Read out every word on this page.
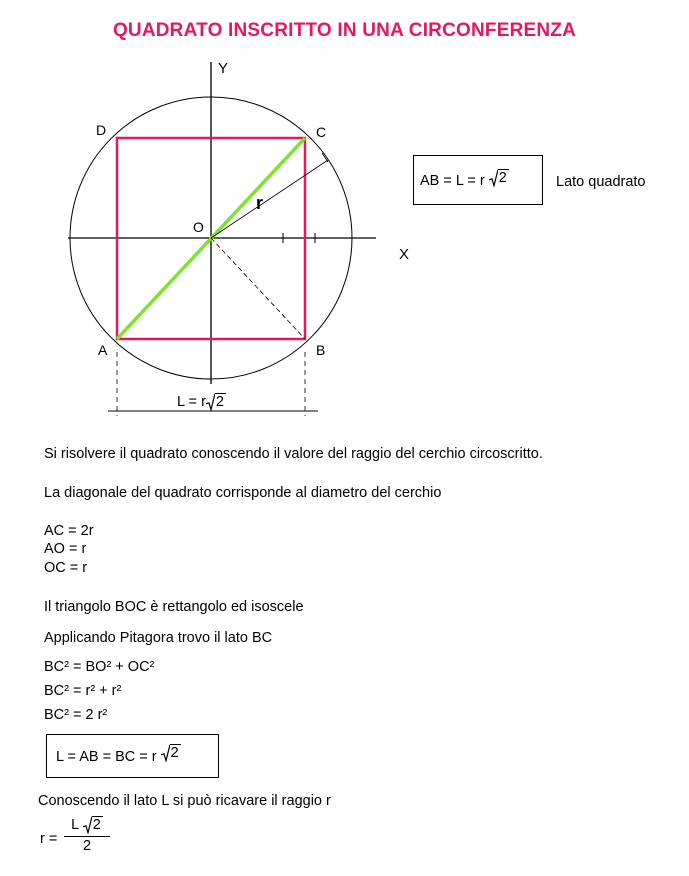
QUADRATO INSCRITTO IN UNA CIRCONFERENZA
Y
X
O
D	C
A	B
r
L = r 2
AB = L = r 2	Lato quadrato
Si risolvere il quadrato conoscendo il valore del raggio del cerchio circoscritto.
La diagonale del quadrato corrisponde al diametro del cerchio
AC = 2r
AO = r
OC = r
Il triangolo BOC è rettangolo ed isoscele
Applicando Pitagora trovo il lato BC
BC² = BO² + OC²
BC² = r² + r²
BC² = 2 r²
L = AB = BC = r 2
Conoscendo il lato L si può ricavare il raggio r
r =
L 2
2
